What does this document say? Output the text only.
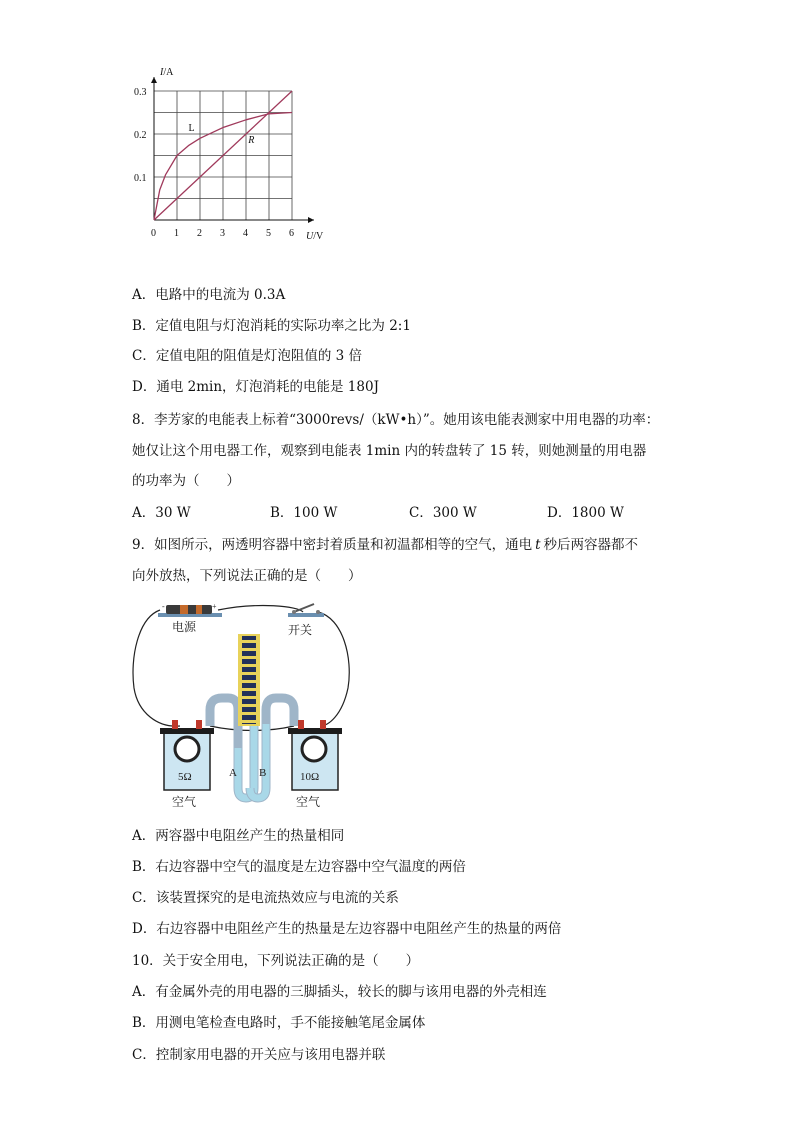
I/A
U/V
L
R
0 1 2 3 4 5 6
0.1
0.2
0.3
A．电路中的电流为 0.3A
B．定值电阻与灯泡消耗的实际功率之比为 2:1
C．定值电阻的阻值是灯泡阻值的 3 倍
D．通电 2min，灯泡消耗的电能是 180J
8．李芳家的电能表上标着“3000revs/（kW•h）”。她用该电能表测家中用电器的功率：
她仅让这个用电器工作，观察到电能表 1min 内的转盘转了 15 转，则她测量的用电器
的功率为（　　）
A．30 W	B．100 W	C．300 W	D．1800 W
9．如图所示，两透明容器中密封着质量和初温都相等的空气，通电 t 秒后两容器都不
向外放热，下列说法正确的是（　　）
-	+
电源	开关
A B
5Ω
空气
10Ω
空气
A．两容器中电阻丝产生的热量相同
B．右边容器中空气的温度是左边容器中空气温度的两倍
C．该装置探究的是电流热效应与电流的关系
D．右边容器中电阻丝产生的热量是左边容器中电阻丝产生的热量的两倍
10．关于安全用电，下列说法正确的是（　　）
A．有金属外壳的用电器的三脚插头，较长的脚与该用电器的外壳相连
B．用测电笔检查电路时，手不能接触笔尾金属体
C．控制家用电器的开关应与该用电器并联
